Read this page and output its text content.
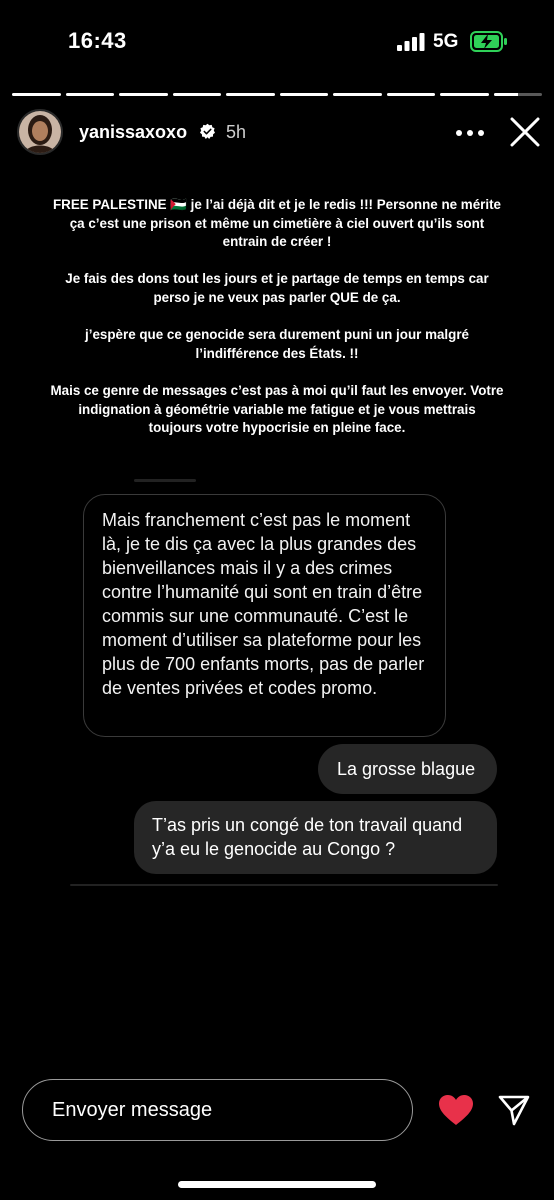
16:43	5G
yanissaxoxo 5h

FREE PALESTINE 🇵🇸 je l’ai déjà dit et je le redis !!! Personne ne mérite ça c’est une prison et même un cimetière à ciel ouvert qu’ils sont entrain de créer !

Je fais des dons tout les jours et je partage de temps en temps car perso je ne veux pas parler QUE de ça.

j’espère que ce genocide sera durement puni un jour malgré l’indifférence des États. !!

Mais ce genre de messages c’est pas à moi qu’il faut les envoyer. Votre indignation à géométrie variable me fatigue et je vous mettrais toujours votre hypocrisie en pleine face.

Mais franchement c’est pas le moment là, je te dis ça avec la plus grandes des bienveillances mais il y a des crimes contre l’humanité qui sont en train d’être commis sur une communauté. C’est le moment d’utiliser sa plateforme pour les plus de 700 enfants morts, pas de parler de ventes privées et codes promo.
La grosse blague
T’as pris un congé de ton travail quand y’a eu le genocide au Congo ?
Envoyer message
